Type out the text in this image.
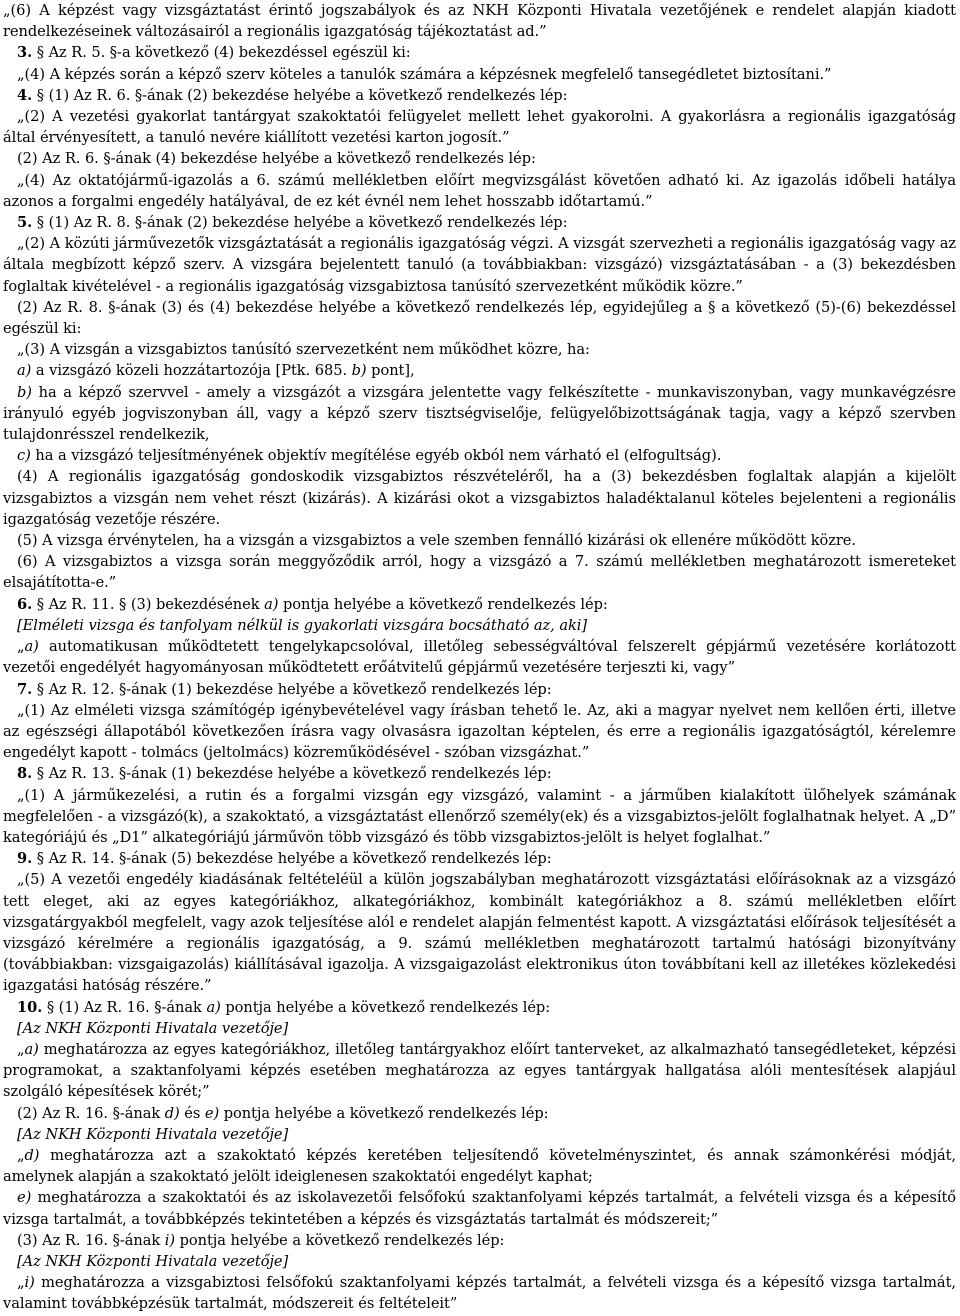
„(6) A képzést vagy vizsgáztatást érintő jogszabályok és az NKH Központi Hivatala vezetőjének e rendelet alapján kiadott rendelkezéseinek változásairól a regionális igazgatóság tájékoztatást ad.”

3. § Az R. 5. §-a következő (4) bekezdéssel egészül ki:

„(4) A képzés során a képző szerv köteles a tanulók számára a képzésnek megfelelő tansegédletet biztosítani.”

4. § (1) Az R. 6. §-ának (2) bekezdése helyébe a következő rendelkezés lép:

„(2) A vezetési gyakorlat tantárgyat szakoktatói felügyelet mellett lehet gyakorolni. A gyakorlásra a regionális igazgatóság által érvényesített, a tanuló nevére kiállított vezetési karton jogosít.”

(2) Az R. 6. §-ának (4) bekezdése helyébe a következő rendelkezés lép:

„(4) Az oktatójármű-igazolás a 6. számú mellékletben előírt megvizsgálást követően adható ki. Az igazolás időbeli hatálya azonos a forgalmi engedély hatályával, de ez két évnél nem lehet hosszabb időtartamú.”

5. § (1) Az R. 8. §-ának (2) bekezdése helyébe a következő rendelkezés lép:

„(2) A közúti járművezetők vizsgáztatását a regionális igazgatóság végzi. A vizsgát szervezheti a regionális igazgatóság vagy az általa megbízott képző szerv. A vizsgára bejelentett tanuló (a továbbiakban: vizsgázó) vizsgáztatásában - a (3) bekezdésben foglaltak kivételével - a regionális igazgatóság vizsgabiztosa tanúsító szervezetként működik közre.”

(2) Az R. 8. §-ának (3) és (4) bekezdése helyébe a következő rendelkezés lép, egyidejűleg a § a következő (5)-(6) bekezdéssel egészül ki:

„(3) A vizsgán a vizsgabiztos tanúsító szervezetként nem működhet közre, ha:

a) a vizsgázó közeli hozzátartozója [Ptk. 685. b) pont],

b) ha a képző szervvel - amely a vizsgázót a vizsgára jelentette vagy felkészítette - munkaviszonyban, vagy munkavégzésre irányuló egyéb jogviszonyban áll, vagy a képző szerv tisztségviselője, felügyelőbizottságának tagja, vagy a képző szervben tulajdonrésszel rendelkezik,

c) ha a vizsgázó teljesítményének objektív megítélése egyéb okból nem várható el (elfogultság).

(4) A regionális igazgatóság gondoskodik vizsgabiztos részvételéről, ha a (3) bekezdésben foglaltak alapján a kijelölt vizsgabiztos a vizsgán nem vehet részt (kizárás). A kizárási okot a vizsgabiztos haladéktalanul köteles bejelenteni a regionális igazgatóság vezetője részére.

(5) A vizsga érvénytelen, ha a vizsgán a vizsgabiztos a vele szemben fennálló kizárási ok ellenére működött közre.

(6) A vizsgabiztos a vizsga során meggyőződik arról, hogy a vizsgázó a 7. számú mellékletben meghatározott ismereteket elsajátította-e.”

6. § Az R. 11. § (3) bekezdésének a) pontja helyébe a következő rendelkezés lép:

[Elméleti vizsga és tanfolyam nélkül is gyakorlati vizsgára bocsátható az, aki]

„a) automatikusan működtetett tengelykapcsolóval, illetőleg sebességváltóval felszerelt gépjármű vezetésére korlátozott vezetői engedélyét hagyományosan működtetett erőátvitelű gépjármű vezetésére terjeszti ki, vagy”

7. § Az R. 12. §-ának (1) bekezdése helyébe a következő rendelkezés lép:

„(1) Az elméleti vizsga számítógép igénybevételével vagy írásban tehető le. Az, aki a magyar nyelvet nem kellően érti, illetve az egészségi állapotából következően írásra vagy olvasásra igazoltan képtelen, és erre a regionális igazgatóságtól, kérelemre engedélyt kapott - tolmács (jeltolmács) közreműködésével - szóban vizsgázhat.”

8. § Az R. 13. §-ának (1) bekezdése helyébe a következő rendelkezés lép:

„(1) A járműkezelési, a rutin és a forgalmi vizsgán egy vizsgázó, valamint - a járműben kialakított ülőhelyek számának megfelelően - a vizsgázó(k), a szakoktató, a vizsgáztatást ellenőrző személy(ek) és a vizsgabiztos-jelölt foglalhatnak helyet. A „D” kategóriájú és „D1” alkategóriájú járművön több vizsgázó és több vizsgabiztos-jelölt is helyet foglalhat.”

9. § Az R. 14. §-ának (5) bekezdése helyébe a következő rendelkezés lép:

„(5) A vezetői engedély kiadásának feltételéül a külön jogszabályban meghatározott vizsgáztatási előírásoknak az a vizsgázó tett eleget, aki az egyes kategóriákhoz, alkategóriákhoz, kombinált kategóriákhoz a 8. számú mellékletben előírt vizsgatárgyakból megfelelt, vagy azok teljesítése alól e rendelet alapján felmentést kapott. A vizsgáztatási előírások teljesítését a vizsgázó kérelmére a regionális igazgatóság, a 9. számú mellékletben meghatározott tartalmú hatósági bizonyítvány (továbbiakban: vizsgaigazolás) kiállításával igazolja. A vizsgaigazolást elektronikus úton továbbítani kell az illetékes közlekedési igazgatási hatóság részére.”

10. § (1) Az R. 16. §-ának a) pontja helyébe a következő rendelkezés lép:

[Az NKH Központi Hivatala vezetője]

„a) meghatározza az egyes kategóriákhoz, illetőleg tantárgyakhoz előírt tanterveket, az alkalmazható tansegédleteket, képzési programokat, a szaktanfolyami képzés esetében meghatározza az egyes tantárgyak hallgatása alóli mentesítések alapjául szolgáló képesítések körét;”

(2) Az R. 16. §-ának d) és e) pontja helyébe a következő rendelkezés lép:

[Az NKH Központi Hivatala vezetője]

„d) meghatározza azt a szakoktató képzés keretében teljesítendő követelményszintet, és annak számonkérési módját, amelynek alapján a szakoktató jelölt ideiglenesen szakoktatói engedélyt kaphat;

e) meghatározza a szakoktatói és az iskolavezetői felsőfokú szaktanfolyami képzés tartalmát, a felvételi vizsga és a képesítő vizsga tartalmát, a továbbképzés tekintetében a képzés és vizsgáztatás tartalmát és módszereit;”

(3) Az R. 16. §-ának i) pontja helyébe a következő rendelkezés lép:

[Az NKH Központi Hivatala vezetője]

„i) meghatározza a vizsgabiztosi felsőfokú szaktanfolyami képzés tartalmát, a felvételi vizsga és a képesítő vizsga tartalmát, valamint továbbképzésük tartalmát, módszereit és feltételeit”
